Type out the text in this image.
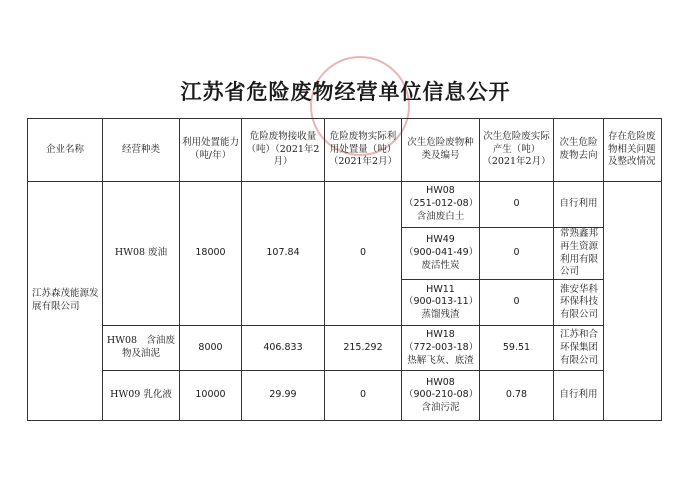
江苏省危险废物经营单位信息公开
企业名称	经营种类	利用处置能力（吨/年）	危险废物接收量（吨）（2021年2月）	危险废物实际利用处置量（吨）（2021年2月）	次生危险废物种类及编号	次生危险废实际产生（吨）（2021年2月）	次生危险废物去向	存在危险废物相关问题及整改情况
江苏森茂能源发展有限公司	HW08 废油	18000	107.84	0	HW08
（251-012-08）
含油废白土	0	自行利用	

					HW49
（900-041-49）
废活性炭	0	常熟鑫邦再生资源利用有限公司	

					HW11
（900-013-11）
蒸馏残渣	0	淮安华科环保科技有限公司	
	HW08　含油废物及油泥	8000	406.833	215.292	HW18
（772-003-18）
热解飞灰、底渣	59.51	江苏和合环保集团有限公司	
	HW09 乳化液	10000	29.99	0	HW08
（900-210-08）
含油污泥	0.78	自行利用	
